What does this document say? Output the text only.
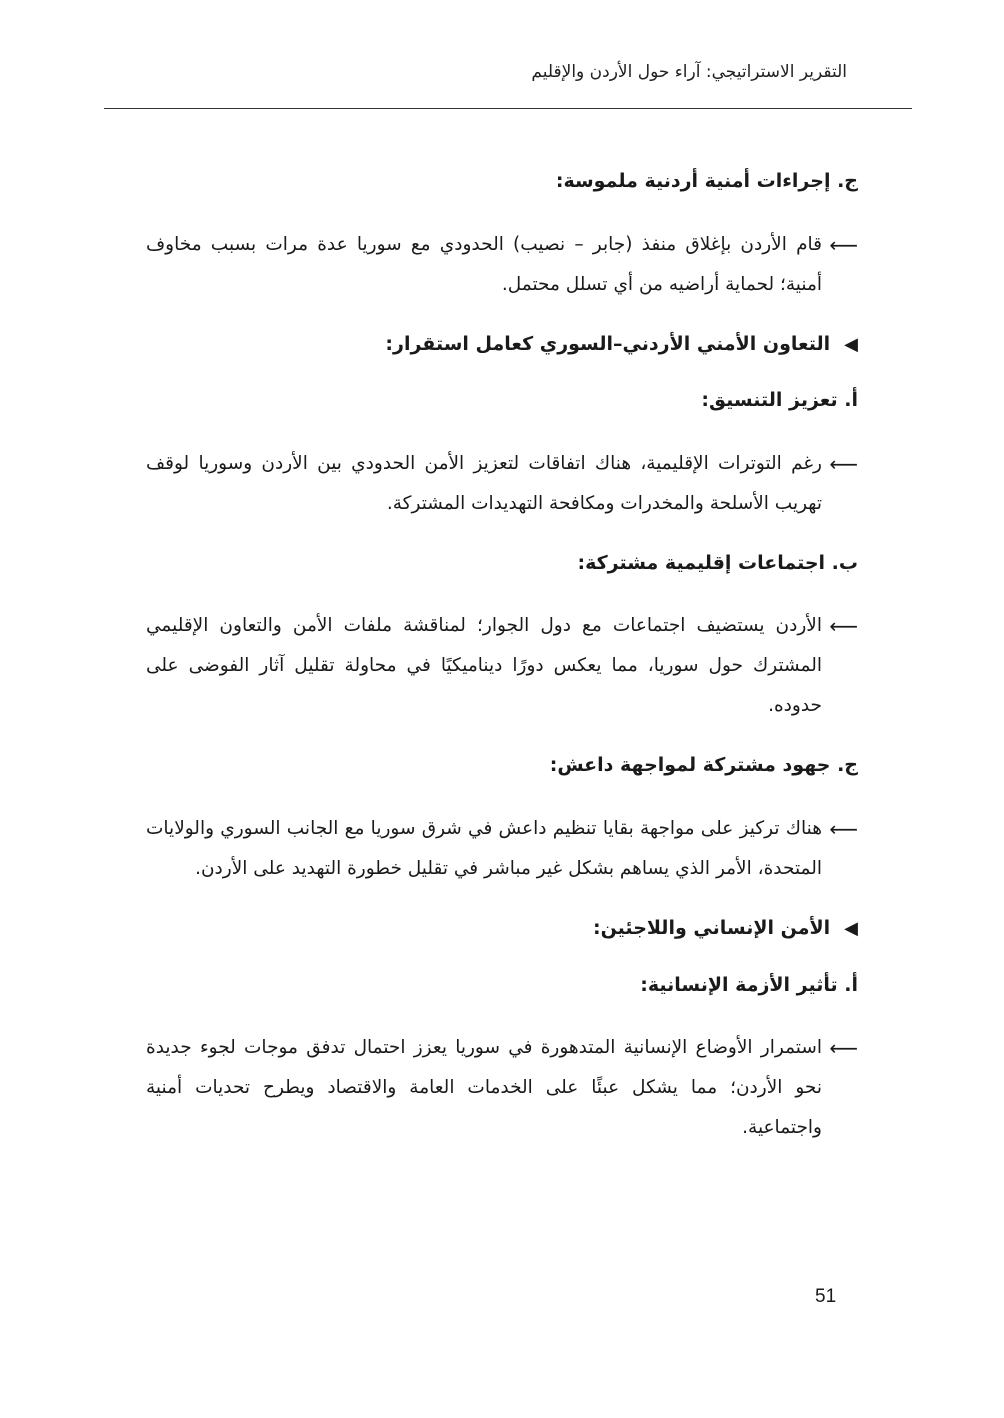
التقرير الاستراتيجي: آراء حول الأردن والإقليم
ج. إجراءات أمنية أردنية ملموسة:
⟵
قام الأردن بإغلاق منفذ (جابر – نصيب) الحدودي مع سوريا عدة مرات بسبب مخاوف أمنية؛ لحماية أراضيه من أي تسلل محتمل.
◀التعاون الأمني الأردني–السوري كعامل استقرار:
أ. تعزيز التنسيق:
⟵
رغم التوترات الإقليمية، هناك اتفاقات لتعزيز الأمن الحدودي بين الأردن وسوريا لوقف تهريب الأسلحة والمخدرات ومكافحة التهديدات المشتركة.
ب. اجتماعات إقليمية مشتركة:
⟵
الأردن يستضيف اجتماعات مع دول الجوار؛ لمناقشة ملفات الأمن والتعاون الإقليمي المشترك حول سوريا، مما يعكس دورًا ديناميكيًا في محاولة تقليل آثار الفوضى على حدوده.
ج. جهود مشتركة لمواجهة داعش:
⟵
هناك تركيز على مواجهة بقايا تنظيم داعش في شرق سوريا مع الجانب السوري والولايات المتحدة، الأمر الذي يساهم بشكل غير مباشر في تقليل خطورة التهديد على الأردن.
◀الأمن الإنساني واللاجئين:
أ. تأثير الأزمة الإنسانية:
⟵
استمرار الأوضاع الإنسانية المتدهورة في سوريا يعزز احتمال تدفق موجات لجوء جديدة نحو الأردن؛ مما يشكل عبئًا على الخدمات العامة والاقتصاد ويطرح تحديات أمنية واجتماعية.
51
